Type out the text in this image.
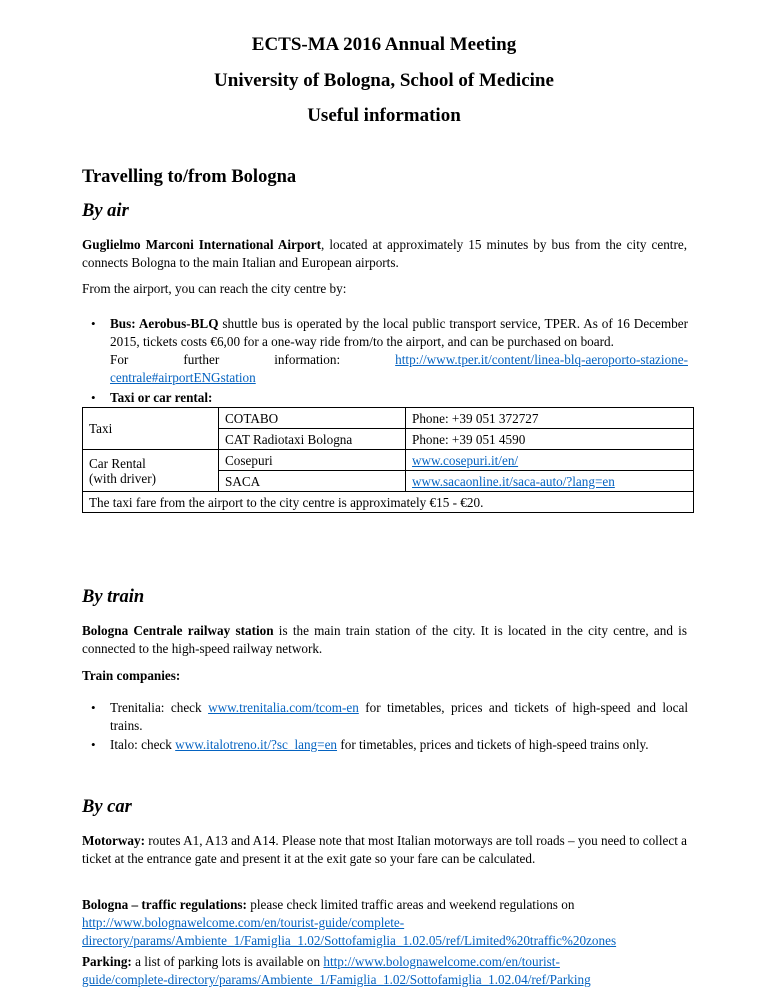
ECTS-MA 2016 Annual Meeting
University of Bologna, School of Medicine
Useful information
Travelling to/from Bologna
By air
Guglielmo Marconi International Airport, located at approximately 15 minutes by bus from the city centre, connects Bologna to the main Italian and European airports.
From the airport, you can reach the city centre by:
• Bus: Aerobus-BLQ shuttle bus is operated by the local public transport service, TPER. As of 16 December 2015, tickets costs €6,00 for a one-way ride from/to the airport, and can be purchased on board.
For	further	information:	http://www.tper.it/content/linea-blq-aeroporto-stazione-
centrale#airportENGstation
• Taxi or car rental:
Taxi	COTABO	Phone: +39 051 372727
	CAT Radiotaxi Bologna	Phone: +39 051 4590
Car Rental
(with driver)	Cosepuri	www.cosepuri.it/en/
	SACA	www.sacaonline.it/saca-auto/?lang=en
The taxi fare from the airport to the city centre is approximately €15 - €20.		
By train
Bologna Centrale railway station is the main train station of the city. It is located in the city centre, and is connected to the high-speed railway network.
Train companies:
• Trenitalia: check www.trenitalia.com/tcom-en for timetables, prices and tickets of high-speed and local trains.
• Italo: check www.italotreno.it/?sc_lang=en for timetables, prices and tickets of high-speed trains only.
By car
Motorway: routes A1, A13 and A14. Please note that most Italian motorways are toll roads – you need to collect a ticket at the entrance gate and present it at the exit gate so your fare can be calculated.
Bologna – traffic regulations: please check limited traffic areas and weekend regulations on
http://www.bolognawelcome.com/en/tourist-guide/complete-
directory/params/Ambiente_1/Famiglia_1.02/Sottofamiglia_1.02.05/ref/Limited%20traffic%20zones
Parking: a list of parking lots is available on http://www.bolognawelcome.com/en/tourist-
guide/complete-directory/params/Ambiente_1/Famiglia_1.02/Sottofamiglia_1.02.04/ref/Parking
